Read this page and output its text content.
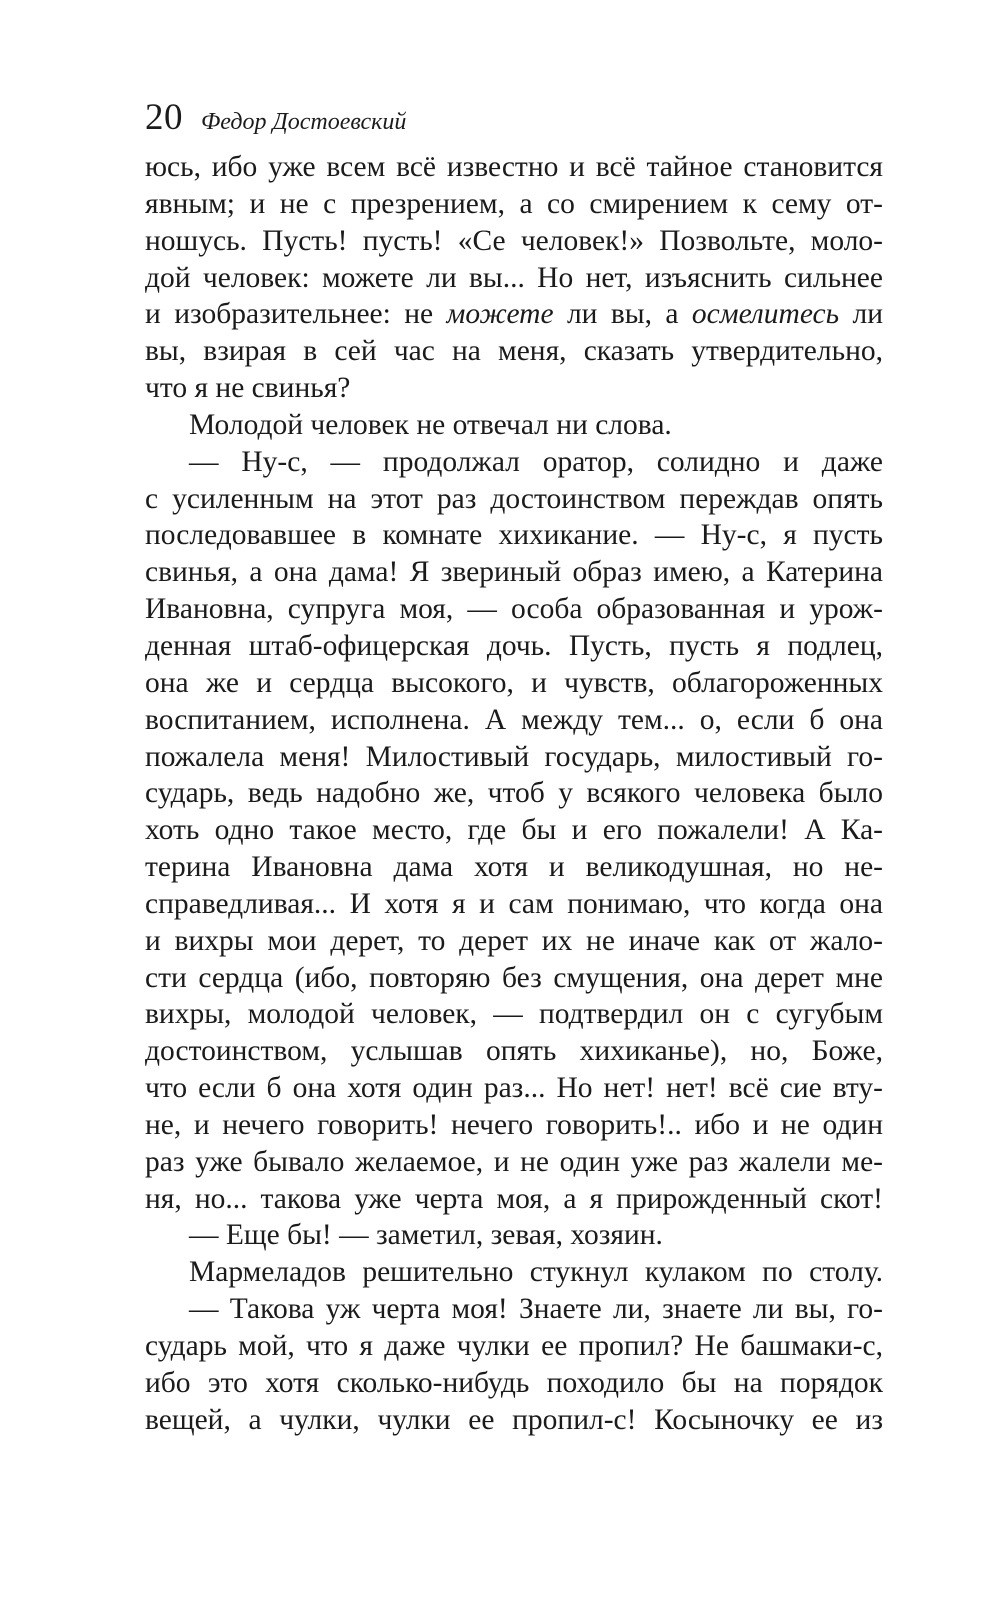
20 Федор Достоевский
юсь, ибо уже всем всё известно и всё тайное становится
явным; и не с презрением, а со смирением к сему от-
ношусь. Пусть! пусть! «Се человек!» Позвольте, моло-
дой человек: можете ли вы... Но нет, изъяснить сильнее
и изобразительнее: не можете ли вы, а осмелитесь ли
вы, взирая в сей час на меня, сказать утвердительно,
что я не свинья?
Молодой человек не отвечал ни слова.
— Ну-с, — продолжал оратор, солидно и даже
с усиленным на этот раз достоинством переждав опять
последовавшее в комнате хихикание. — Ну-с, я пусть
свинья, а она дама! Я звериный образ имею, а Катерина
Ивановна, супруга моя, — особа образованная и урож-
денная штаб-офицерская дочь. Пусть, пусть я подлец,
она же и сердца высокого, и чувств, облагороженных
воспитанием, исполнена. А между тем... о, если б она
пожалела меня! Милостивый государь, милостивый го-
сударь, ведь надобно же, чтоб у всякого человека было
хоть одно такое место, где бы и его пожалели! А Ка-
терина Ивановна дама хотя и великодушная, но не-
справедливая... И хотя я и сам понимаю, что когда она
и вихры мои дерет, то дерет их не иначе как от жало-
сти сердца (ибо, повторяю без смущения, она дерет мне
вихры, молодой человек, — подтвердил он с сугубым
достоинством, услышав опять хихиканье), но, Боже,
что если б она хотя один раз... Но нет! нет! всё сие вту-
не, и нечего говорить! нечего говорить!.. ибо и не один
раз уже бывало желаемое, и не один уже раз жалели ме-
ня, но... такова уже черта моя, а я прирожденный скот!
— Еще бы! — заметил, зевая, хозяин.
Мармеладов решительно стукнул кулаком по столу.
— Такова уж черта моя! Знаете ли, знаете ли вы, го-
сударь мой, что я даже чулки ее пропил? Не башмаки-с,
ибо это хотя сколько-нибудь походило бы на порядок
вещей, а чулки, чулки ее пропил-с! Косыночку ее из
